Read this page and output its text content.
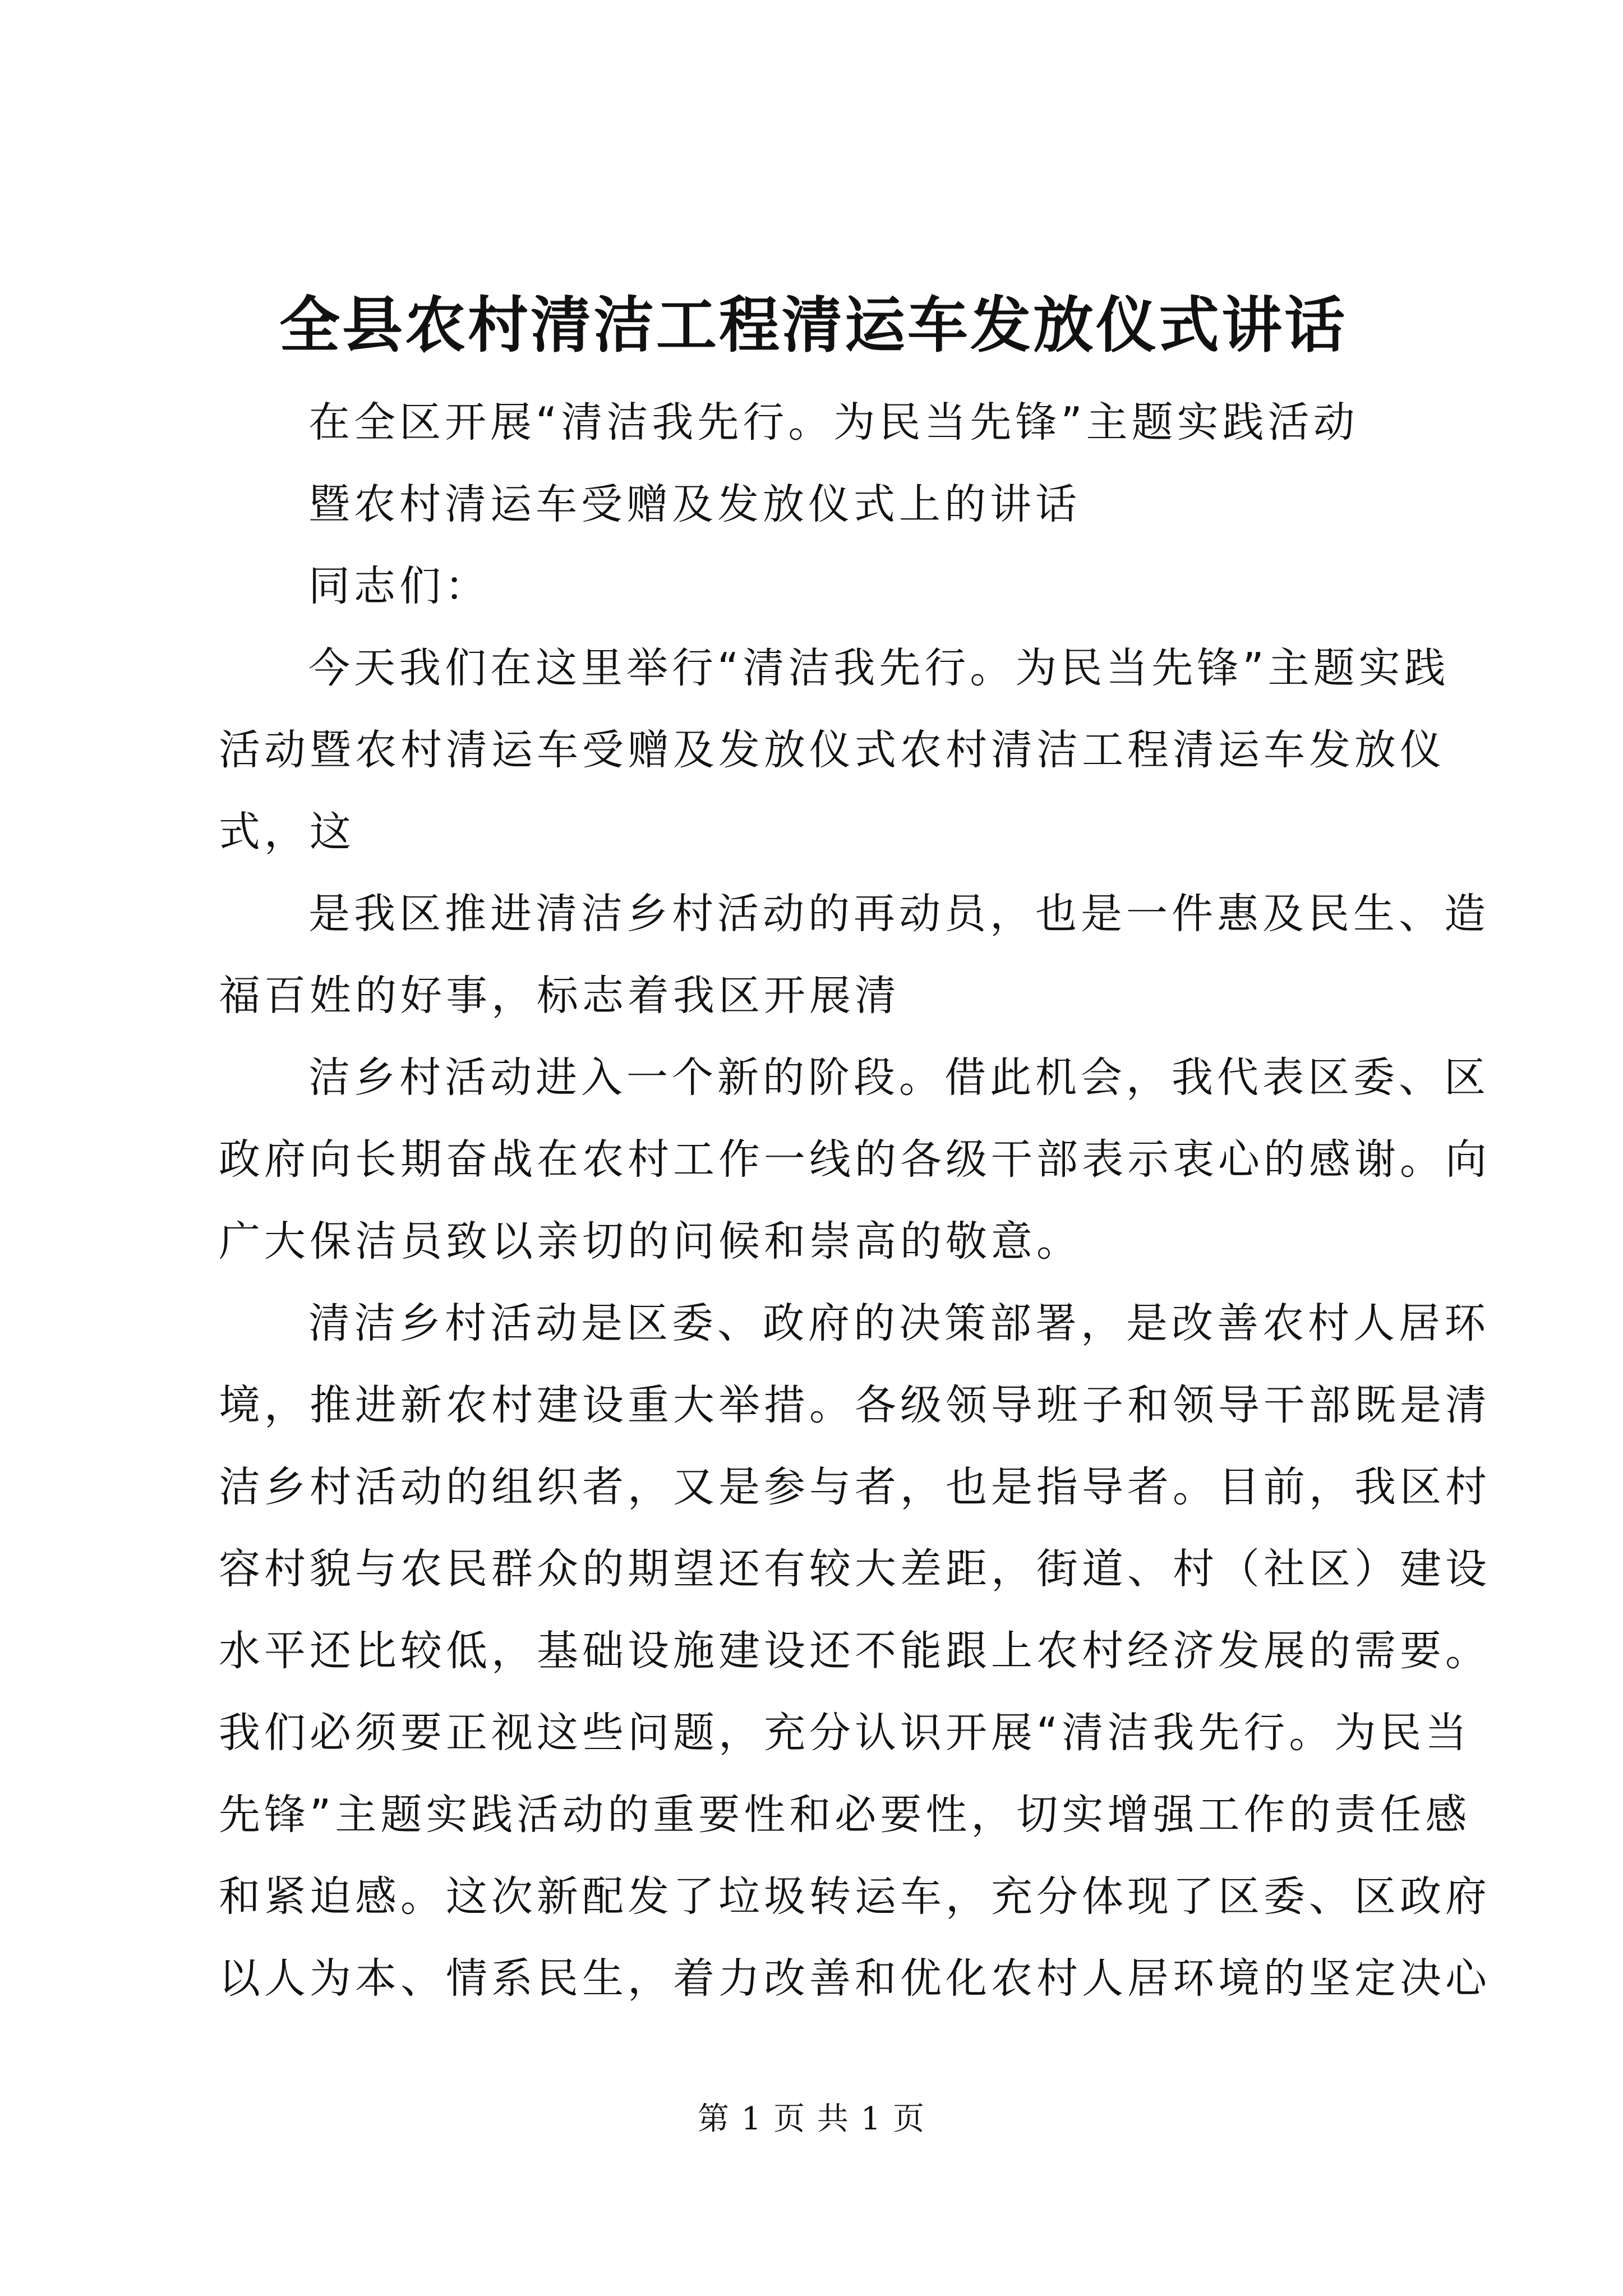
全县农村清洁工程清运车发放仪式讲话
在全区开展“清洁我先行。为民当先锋”主题实践活动
暨农村清运车受赠及发放仪式上的讲话
同志们：
今天我们在这里举行“清洁我先行。为民当先锋”主题实践
活动暨农村清运车受赠及发放仪式农村清洁工程清运车发放仪
式，这
是我区推进清洁乡村活动的再动员，也是一件惠及民生、造
福百姓的好事，标志着我区开展清
洁乡村活动进入一个新的阶段。借此机会，我代表区委、区
政府向长期奋战在农村工作一线的各级干部表示衷心的感谢。向
广大保洁员致以亲切的问候和崇高的敬意。
清洁乡村活动是区委、政府的决策部署，是改善农村人居环
境，推进新农村建设重大举措。各级领导班子和领导干部既是清
洁乡村活动的组织者，又是参与者，也是指导者。目前，我区村
容村貌与农民群众的期望还有较大差距，街道、村（社区）建设
水平还比较低，基础设施建设还不能跟上农村经济发展的需要。
我们必须要正视这些问题，充分认识开展“清洁我先行。为民当
先锋”主题实践活动的重要性和必要性，切实增强工作的责任感
和紧迫感。这次新配发了垃圾转运车，充分体现了区委、区政府
以人为本、情系民生，着力改善和优化农村人居环境的坚定决心
第 1 页 共 1 页
